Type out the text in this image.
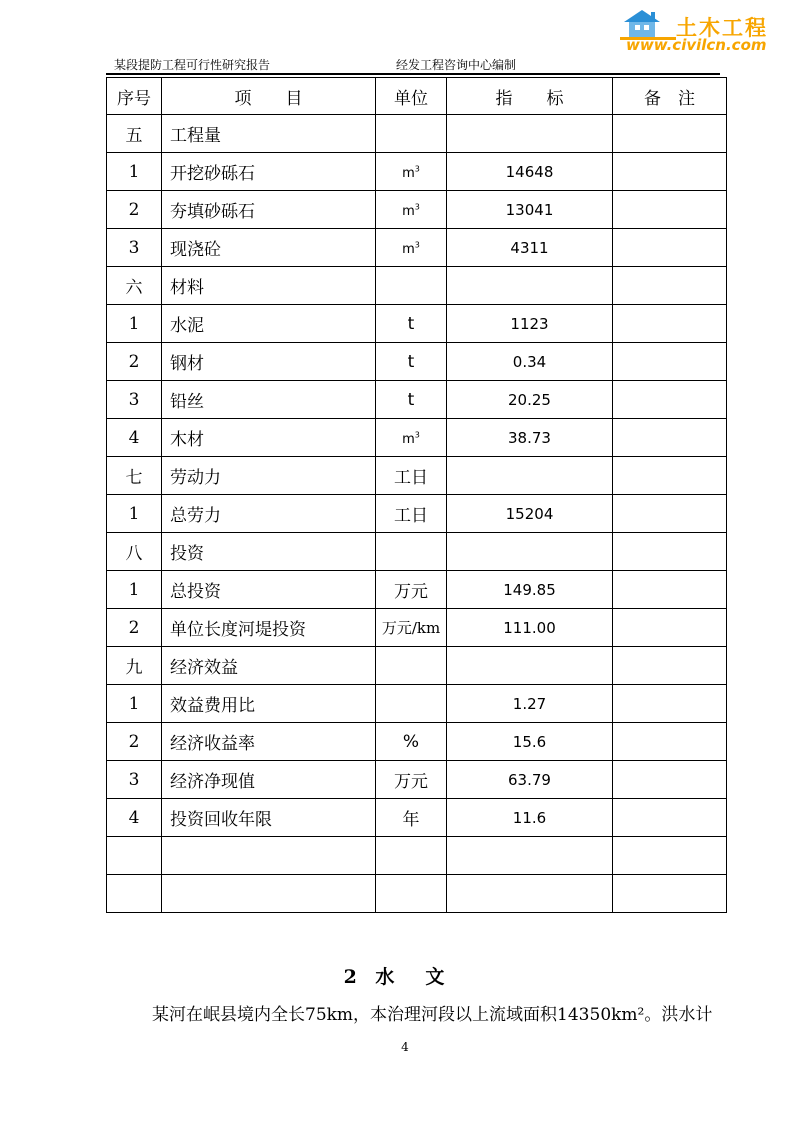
某段提防工程可行性研究报告	经发工程咨询中心编制
土木工程
www.civilcn.com
序号	项　　目	单位	指　　标	备　注
五	工程量			
1	开挖砂砾石	$m^3$	14648	
2	夯填砂砾石	$m^3$	13041	
3	现浇砼	$m^3$	4311	
六	材料			
1	水泥	t	1123	
2	钢材	t	0.34	
3	铅丝	t	20.25	
4	木材	$m^3$	38.73	
七	劳动力	工日		
1	总劳力	工日	15204	
八	投资			
1	总投资	万元	149.85	
2	单位长度河堤投资	万元/km	111.00	
九	经济效益			
1	效益费用比		1.27	
2	经济收益率	%	15.6	
3	经济净现值	万元	63.79	
4	投资回收年限	年	11.6	

2 水　文
某河在岷县境内全长75km，本治理河段以上流域面积14350km²。洪水计
4
